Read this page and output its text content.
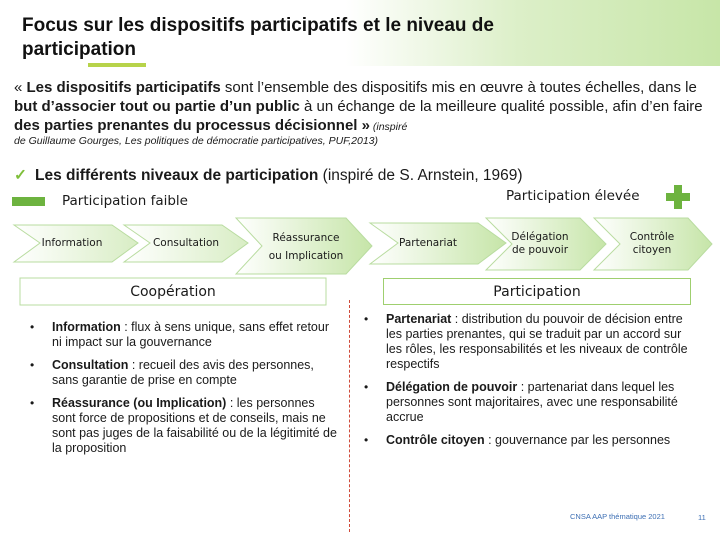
Focus sur les dispositifs participatifs et le niveau de participation
« Les dispositifs participatifs sont l’ensemble des dispositifs mis en œuvre à toutes échelles, dans le but d’associer tout ou partie d’un public à un échange de la meilleure qualité possible, afin d’en faire des parties prenantes du processus décisionnel » (inspiré
de Guillaume Gourges, Les politiques de démocratie participatives, PUF,2013)
✓ Les différents niveaux de participation (inspiré de S. Arnstein, 1969)
Participation faible	Participation élevée
Information	Consultation	Réassurance
ou Implication
Partenariat	Délégation
de pouvoir
Contrôle
citoyen
Coopération	Participation
• Information : flux à sens unique, sans effet retour ni impact sur la gouvernance
• Consultation : recueil des avis des personnes, sans garantie de prise en compte
• Réassurance (ou Implication) : les personnes sont force de propositions et de conseils, mais ne sont pas juges de la faisabilité ou de la légitimité de la proposition
• Partenariat : distribution du pouvoir de décision entre les parties prenantes, qui se traduit par un accord sur les rôles, les responsabilités et les niveaux de contrôle respectifs
• Délégation de pouvoir : partenariat dans lequel les personnes sont majoritaires, avec une responsabilité accrue
• Contrôle citoyen : gouvernance par les personnes
CNSA AAP thématique 2021	11
